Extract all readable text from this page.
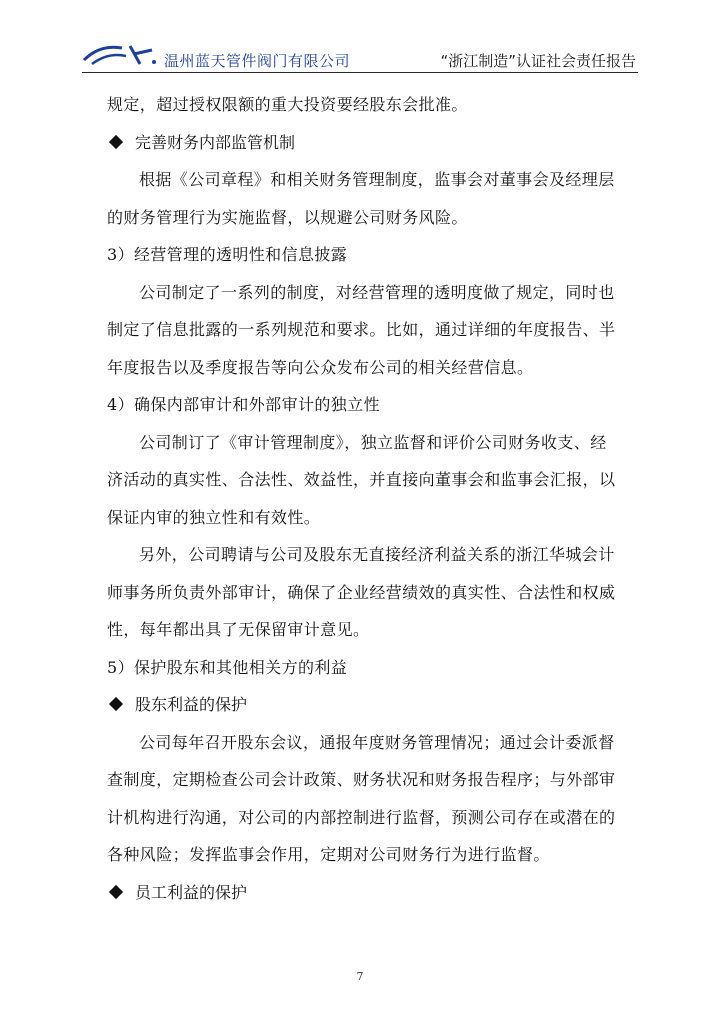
温州蓝天管件阀门有限公司	“浙江制造”认证社会责任报告
规定，超过授权限额的重大投资要经股东会批准。
完善财务内部监管机制
根据《公司章程》和相关财务管理制度，监事会对董事会及经理层
的财务管理行为实施监督，以规避公司财务风险。
3）经营管理的透明性和信息披露
公司制定了一系列的制度，对经营管理的透明度做了规定，同时也
制定了信息批露的一系列规范和要求。比如，通过详细的年度报告、半
年度报告以及季度报告等向公众发布公司的相关经营信息。
4）确保内部审计和外部审计的独立性
公司制订了《审计管理制度》，独立监督和评价公司财务收支、经
济活动的真实性、合法性、效益性，并直接向董事会和监事会汇报，以
保证内审的独立性和有效性。
另外，公司聘请与公司及股东无直接经济利益关系的浙江华城会计
师事务所负责外部审计，确保了企业经营绩效的真实性、合法性和权威
性，每年都出具了无保留审计意见。
5）保护股东和其他相关方的利益
股东利益的保护
公司每年召开股东会议，通报年度财务管理情况；通过会计委派督
查制度，定期检查公司会计政策、财务状况和财务报告程序；与外部审
计机构进行沟通，对公司的内部控制进行监督，预测公司存在或潜在的
各种风险；发挥监事会作用，定期对公司财务行为进行监督。
员工利益的保护
7
